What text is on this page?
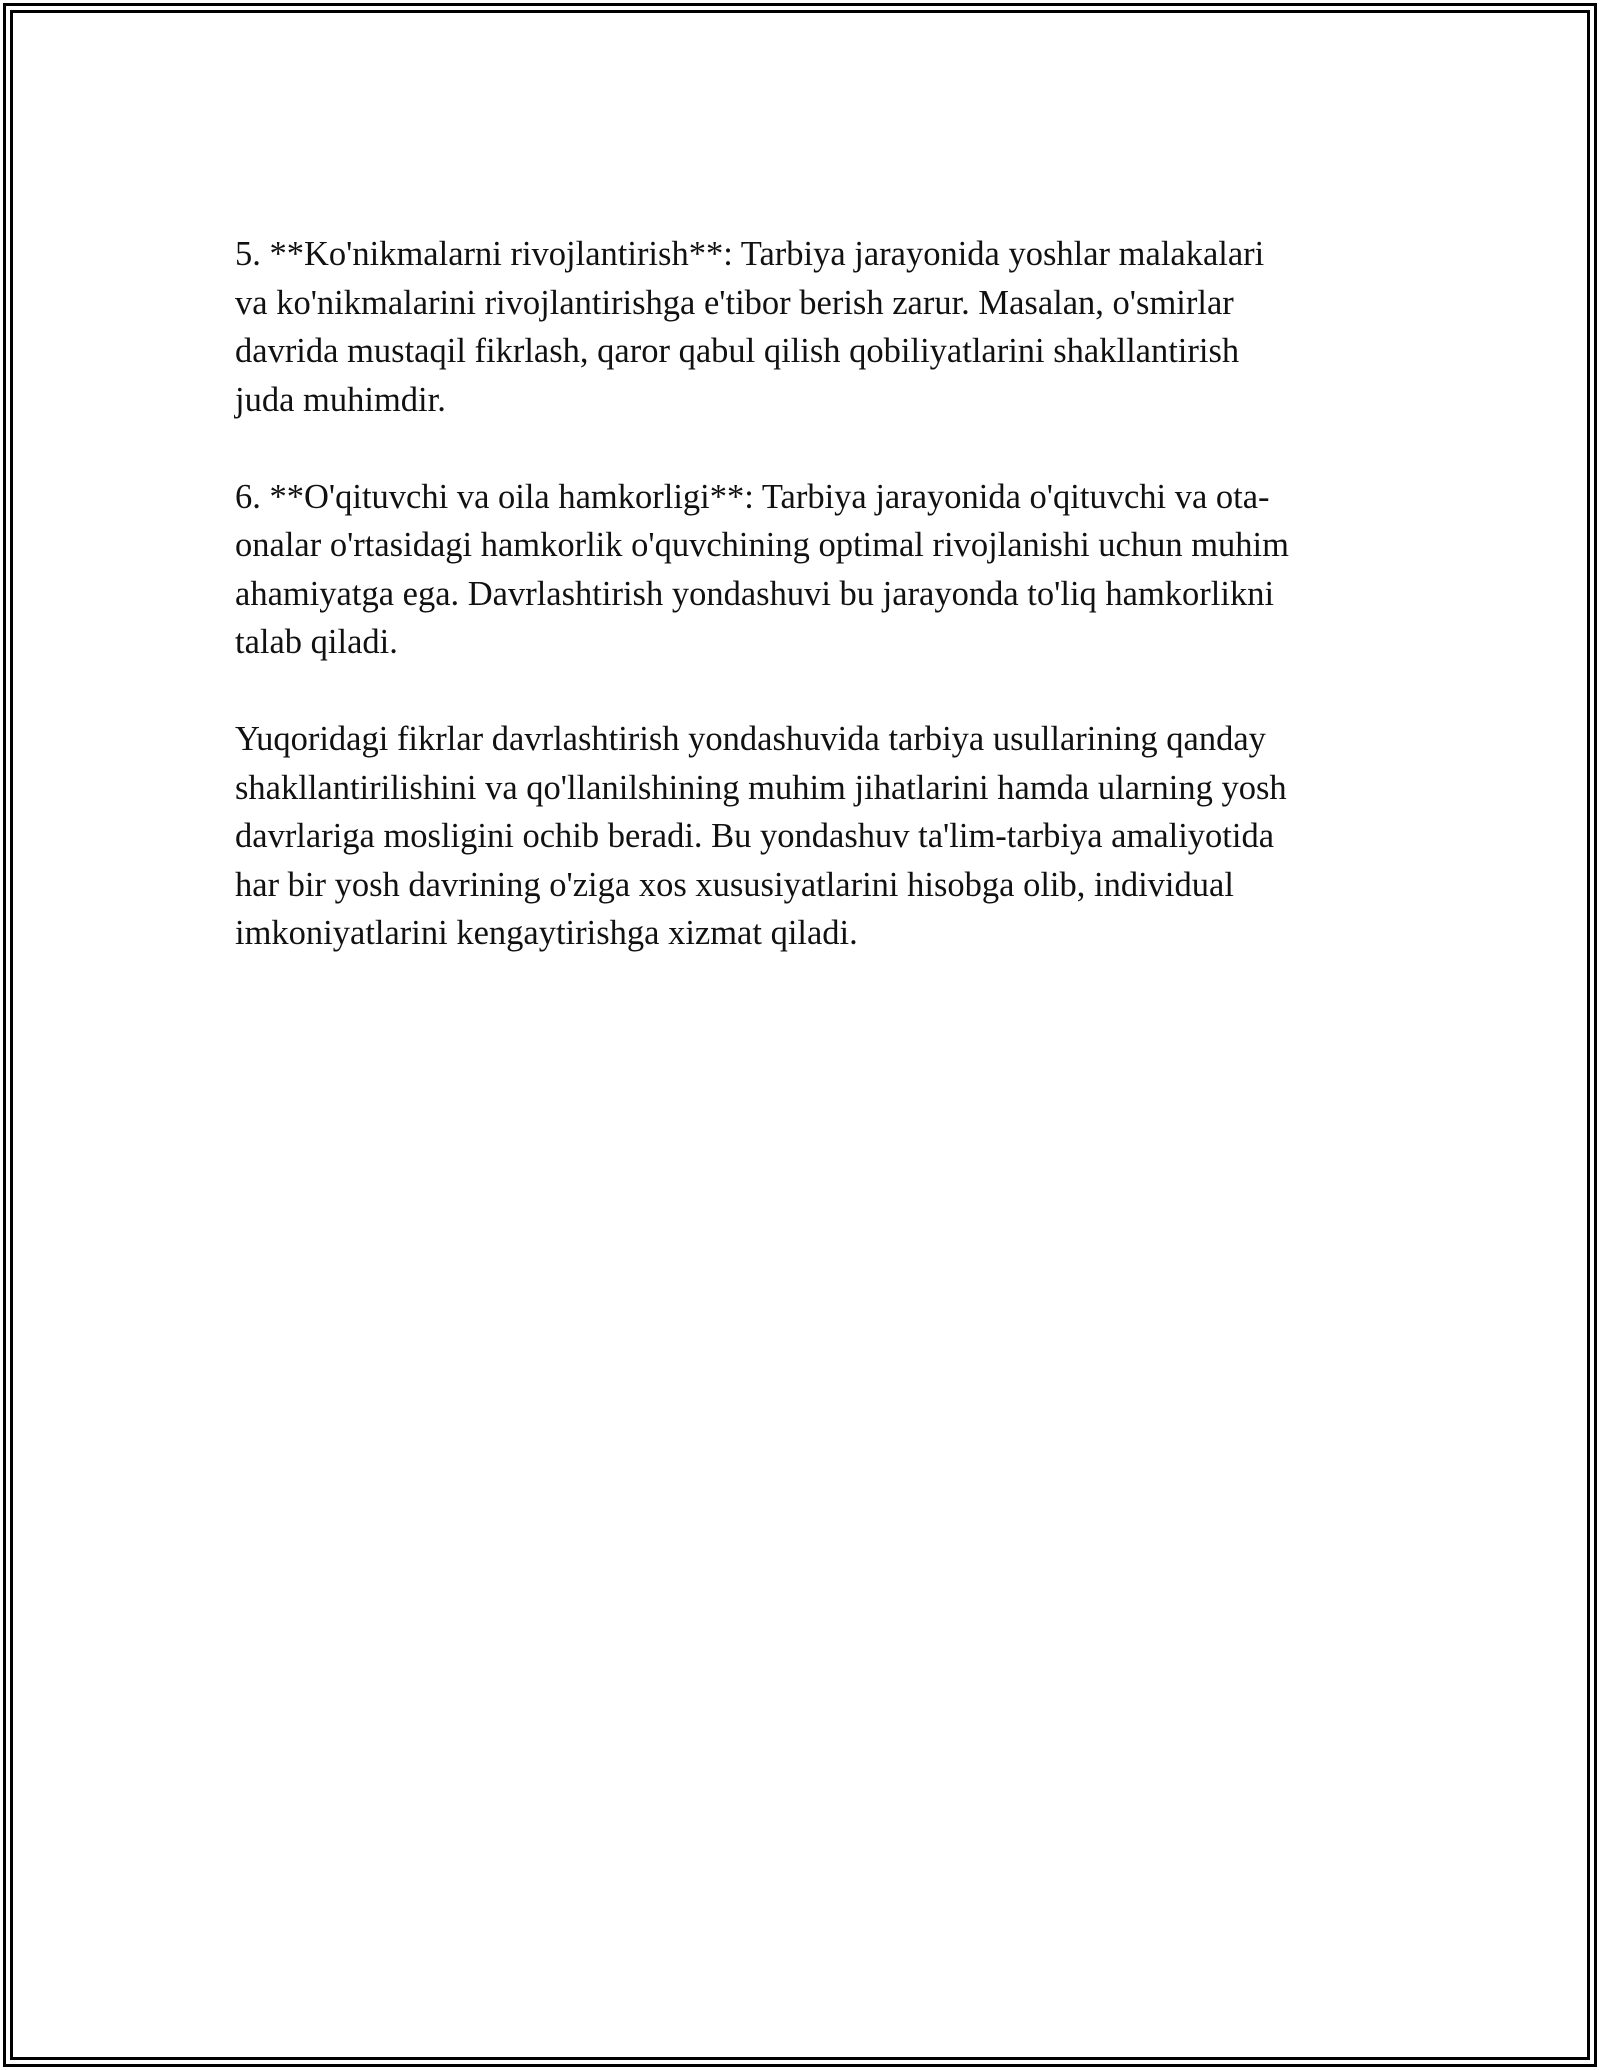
5. **Ko'nikmalarni rivojlantirish**: Tarbiya jarayonida yoshlar malakalari
va ko'nikmalarini rivojlantirishga e'tibor berish zarur. Masalan, o'smirlar
davrida mustaqil fikrlash, qaror qabul qilish qobiliyatlarini shakllantirish
juda muhimdir.

6. **O'qituvchi va oila hamkorligi**: Tarbiya jarayonida o'qituvchi va ota-
onalar o'rtasidagi hamkorlik o'quvchining optimal rivojlanishi uchun muhim
ahamiyatga ega. Davrlashtirish yondashuvi bu jarayonda to'liq hamkorlikni
talab qiladi.

Yuqoridagi fikrlar davrlashtirish yondashuvida tarbiya usullarining qanday
shakllantirilishini va qo'llanilshining muhim jihatlarini hamda ularning yosh
davrlariga mosligini ochib beradi. Bu yondashuv ta'lim-tarbiya amaliyotida
har bir yosh davrining o'ziga xos xususiyatlarini hisobga olib, individual
imkoniyatlarini kengaytirishga xizmat qiladi.
